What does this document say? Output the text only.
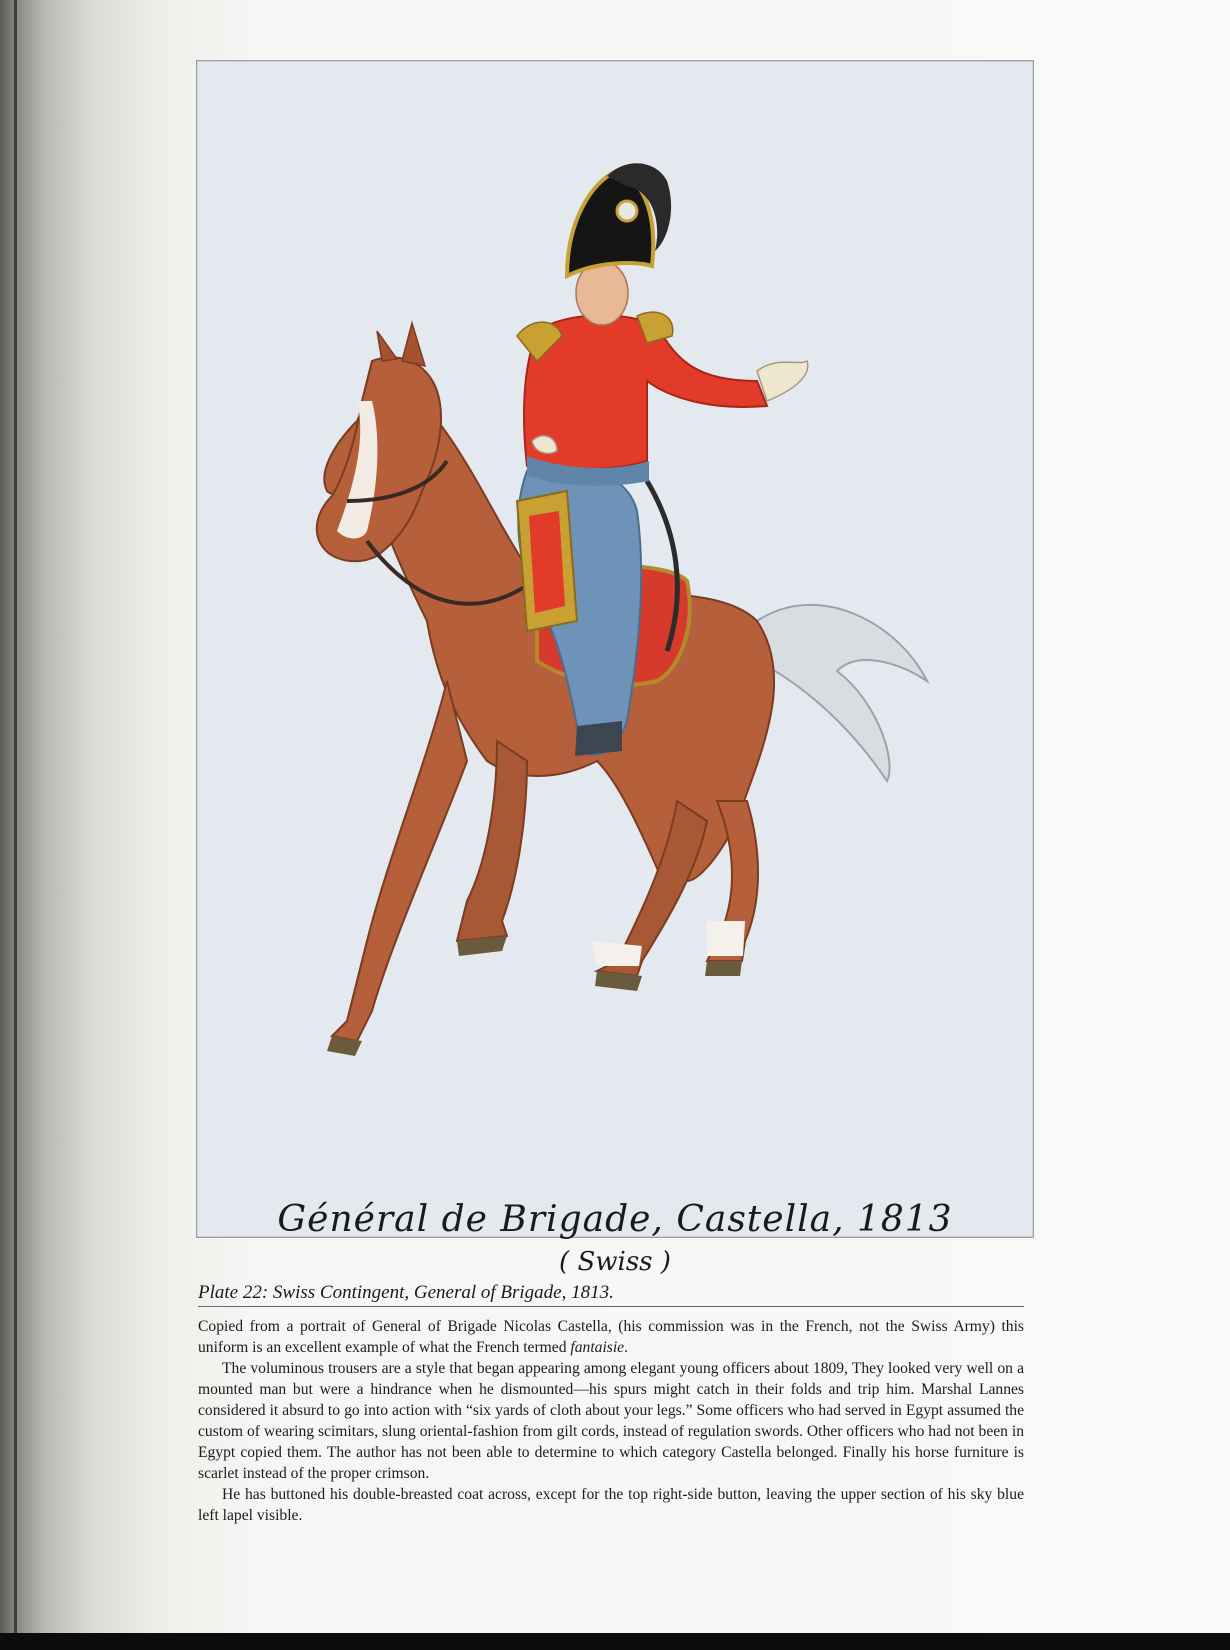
Général de Brigade, Castella, 1813
( Swiss )
Plate 22: Swiss Contingent, General of Brigade, 1813.

Copied from a portrait of General of Brigade Nicolas Castella, (his commission was in the French, not the Swiss Army) this uniform is an excellent example of what the French termed fantaisie.

The voluminous trousers are a style that began appearing among elegant young officers about 1809, They looked very well on a mounted man but were a hindrance when he dismounted—his spurs might catch in their folds and trip him. Marshal Lannes considered it absurd to go into action with “six yards of cloth about your legs.” Some officers who had served in Egypt assumed the custom of wearing scimitars, slung oriental-fashion from gilt cords, instead of regulation swords. Other officers who had not been in Egypt copied them. The author has not been able to determine to which category Castella belonged. Finally his horse furniture is scarlet instead of the proper crimson.

He has buttoned his double-breasted coat across, except for the top right-side button, leaving the upper section of his sky blue left lapel visible.
